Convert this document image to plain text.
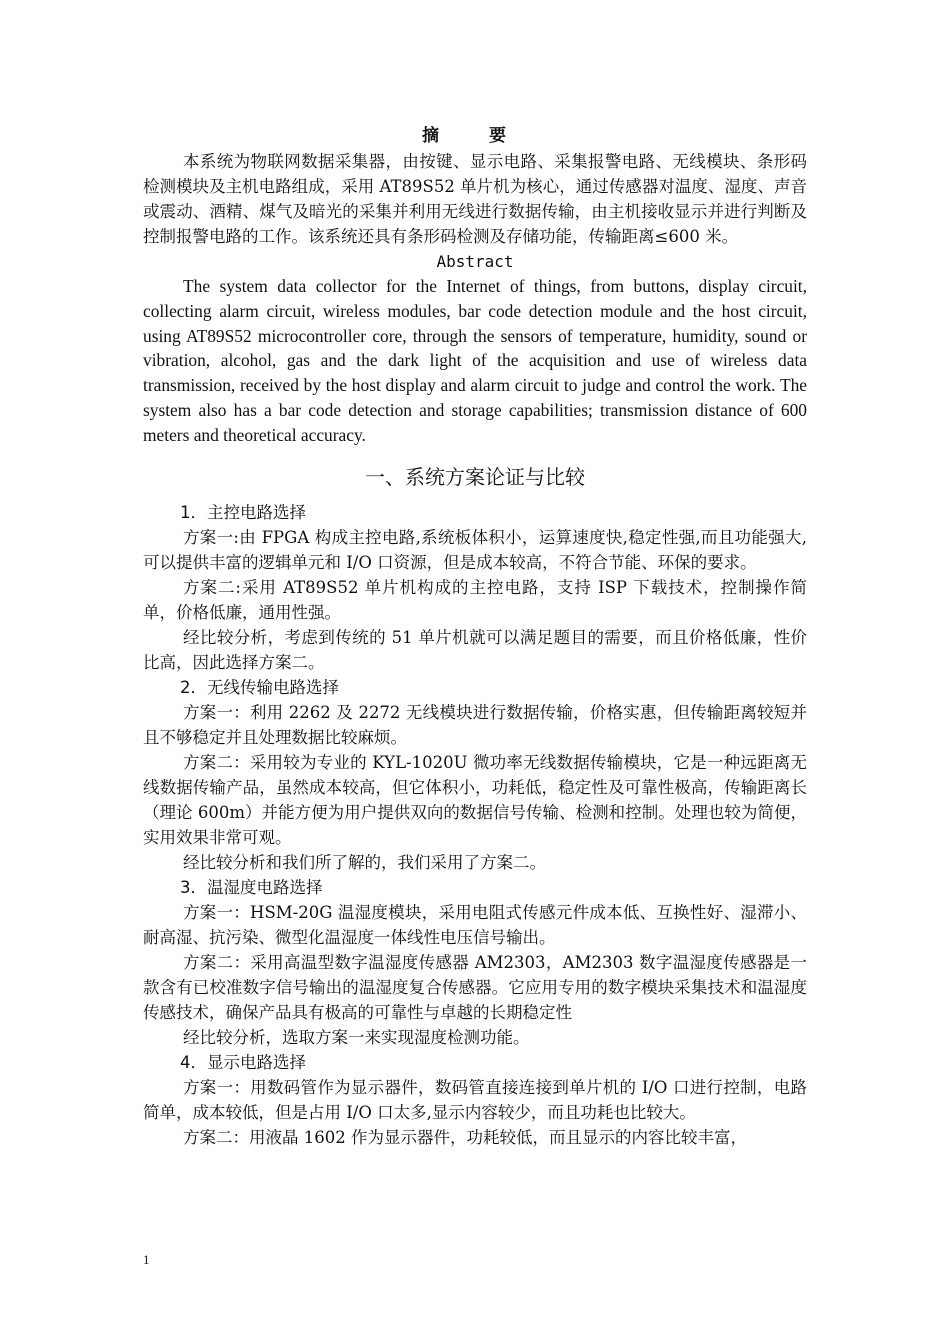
摘 要

本系统为物联网数据采集器，由按键、显示电路、采集报警电路、无线模块、条形码检测模块及主机电路组成，采用 AT89S52 单片机为核心，通过传感器对温度、湿度、声音或震动、酒精、煤气及暗光的采集并利用无线进行数据传输，由主机接收显示并进行判断及控制报警电路的工作。该系统还具有条形码检测及存储功能，传输距离≤600 米。

Abstract

The system data collector for the Internet of things, from buttons, display circuit, collecting alarm circuit, wireless modules, bar code detection module and the host circuit, using AT89S52 microcontroller core, through the sensors of temperature, humidity, sound or vibration, alcohol, gas and the dark light of the acquisition and use of wireless data transmission, received by the host display and alarm circuit to judge and control the work. The system also has a bar code detection and storage capabilities; transmission distance of 600 meters and theoretical accuracy.

一、系统方案论证与比较

1．主控电路选择

方案一:由 FPGA 构成主控电路,系统板体积小，运算速度快,稳定性强,而且功能强大,可以提供丰富的逻辑单元和 I/O 口资源，但是成本较高，不符合节能、环保的要求。

方案二:采用 AT89S52 单片机构成的主控电路，支持 ISP 下载技术，控制操作简单，价格低廉，通用性强。

经比较分析，考虑到传统的 51 单片机就可以满足题目的需要，而且价格低廉，性价比高，因此选择方案二。

2．无线传输电路选择

方案一：利用 2262 及 2272 无线模块进行数据传输，价格实惠，但传输距离较短并且不够稳定并且处理数据比较麻烦。

方案二：采用较为专业的 KYL-1020U 微功率无线数据传输模块，它是一种远距离无线数据传输产品，虽然成本较高，但它体积小，功耗低，稳定性及可靠性极高，传输距离长（理论 600m）并能方便为用户提供双向的数据信号传输、检测和控制。处理也较为简便，实用效果非常可观。

经比较分析和我们所了解的，我们采用了方案二。

3．温湿度电路选择

方案一：HSM-20G 温湿度模块，采用电阻式传感元件成本低、互换性好、湿滞小、耐高湿、抗污染、微型化温湿度一体线性电压信号输出。

方案二：采用高温型数字温湿度传感器 AM2303，AM2303 数字温湿度传感器是一款含有已校准数字信号输出的温湿度复合传感器。它应用专用的数字模块采集技术和温湿度传感技术，确保产品具有极高的可靠性与卓越的长期稳定性

经比较分析，选取方案一来实现湿度检测功能。

4．显示电路选择

方案一：用数码管作为显示器件，数码管直接连接到单片机的 I/O 口进行控制，电路简单，成本较低，但是占用 I/O 口太多,显示内容较少，而且功耗也比较大。

方案二：用液晶 1602 作为显示器件，功耗较低，而且显示的内容比较丰富，

1
